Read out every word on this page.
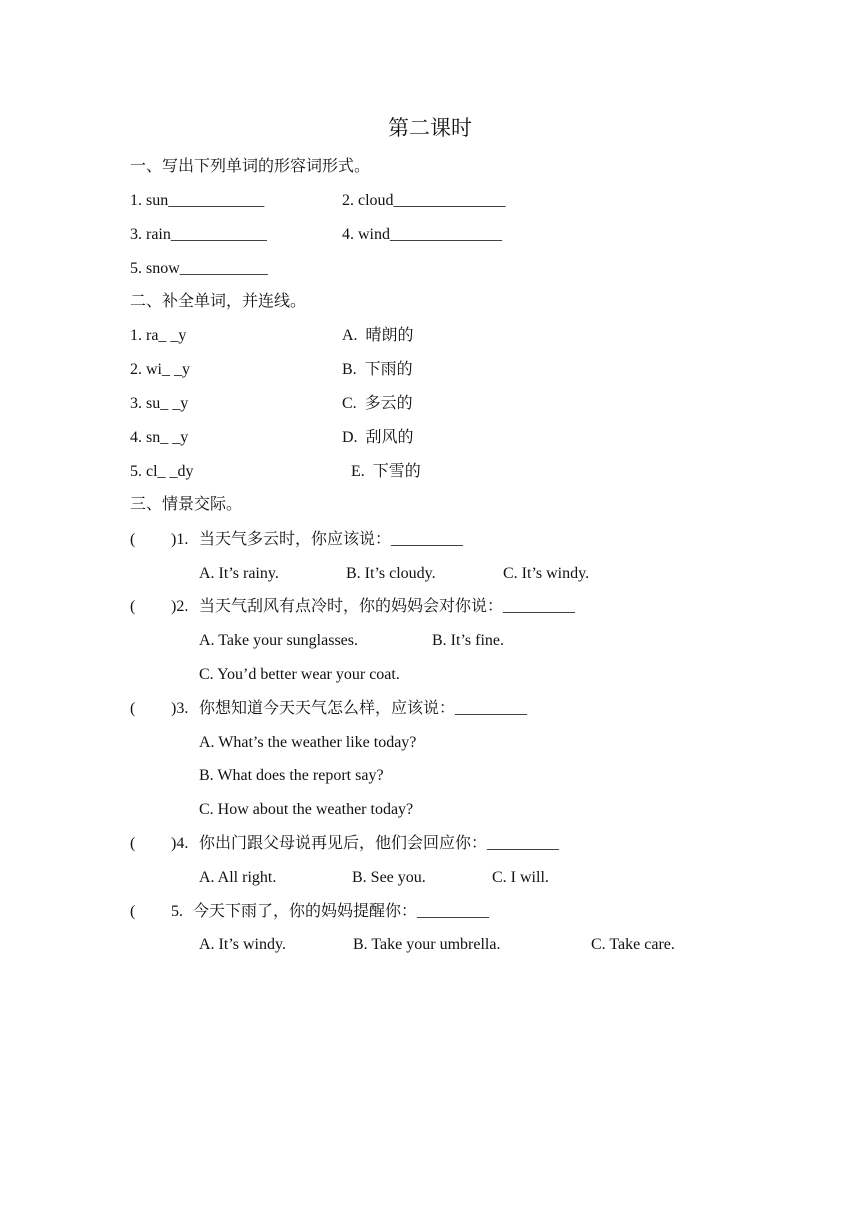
第二课时
一、写出下列单词的形容词形式。
1. sun____________	2. cloud______________
3. rain____________	4. wind______________
5. snow___________
二、补全单词，并连线。
1. ra_ _y	A.  晴朗的
2. wi_ _y	B.  下雨的
3. su_ _y	C.  多云的
4. sn_ _y	D.  刮风的
5. cl_ _dy	E.  下雪的
三、情景交际。
( )1. 当天气多云时，你应该说：_________
A. It’s rainy.	B. It’s cloudy.	C. It’s windy.
( )2. 当天气刮风有点冷时，你的妈妈会对你说：_________
A. Take your sunglasses.	B. It’s fine.
C. You’d better wear your coat.
( )3. 你想知道今天天气怎么样，应该说：_________
A. What’s the weather like today?
B. What does the report say?
C. How about the weather today?
( )4. 你出门跟父母说再见后，他们会回应你：_________
A. All right.	B. See you.	C. I will.
( 5. 今天下雨了，你的妈妈提醒你：_________
A. It’s windy.	B. Take your umbrella.	C. Take care.
